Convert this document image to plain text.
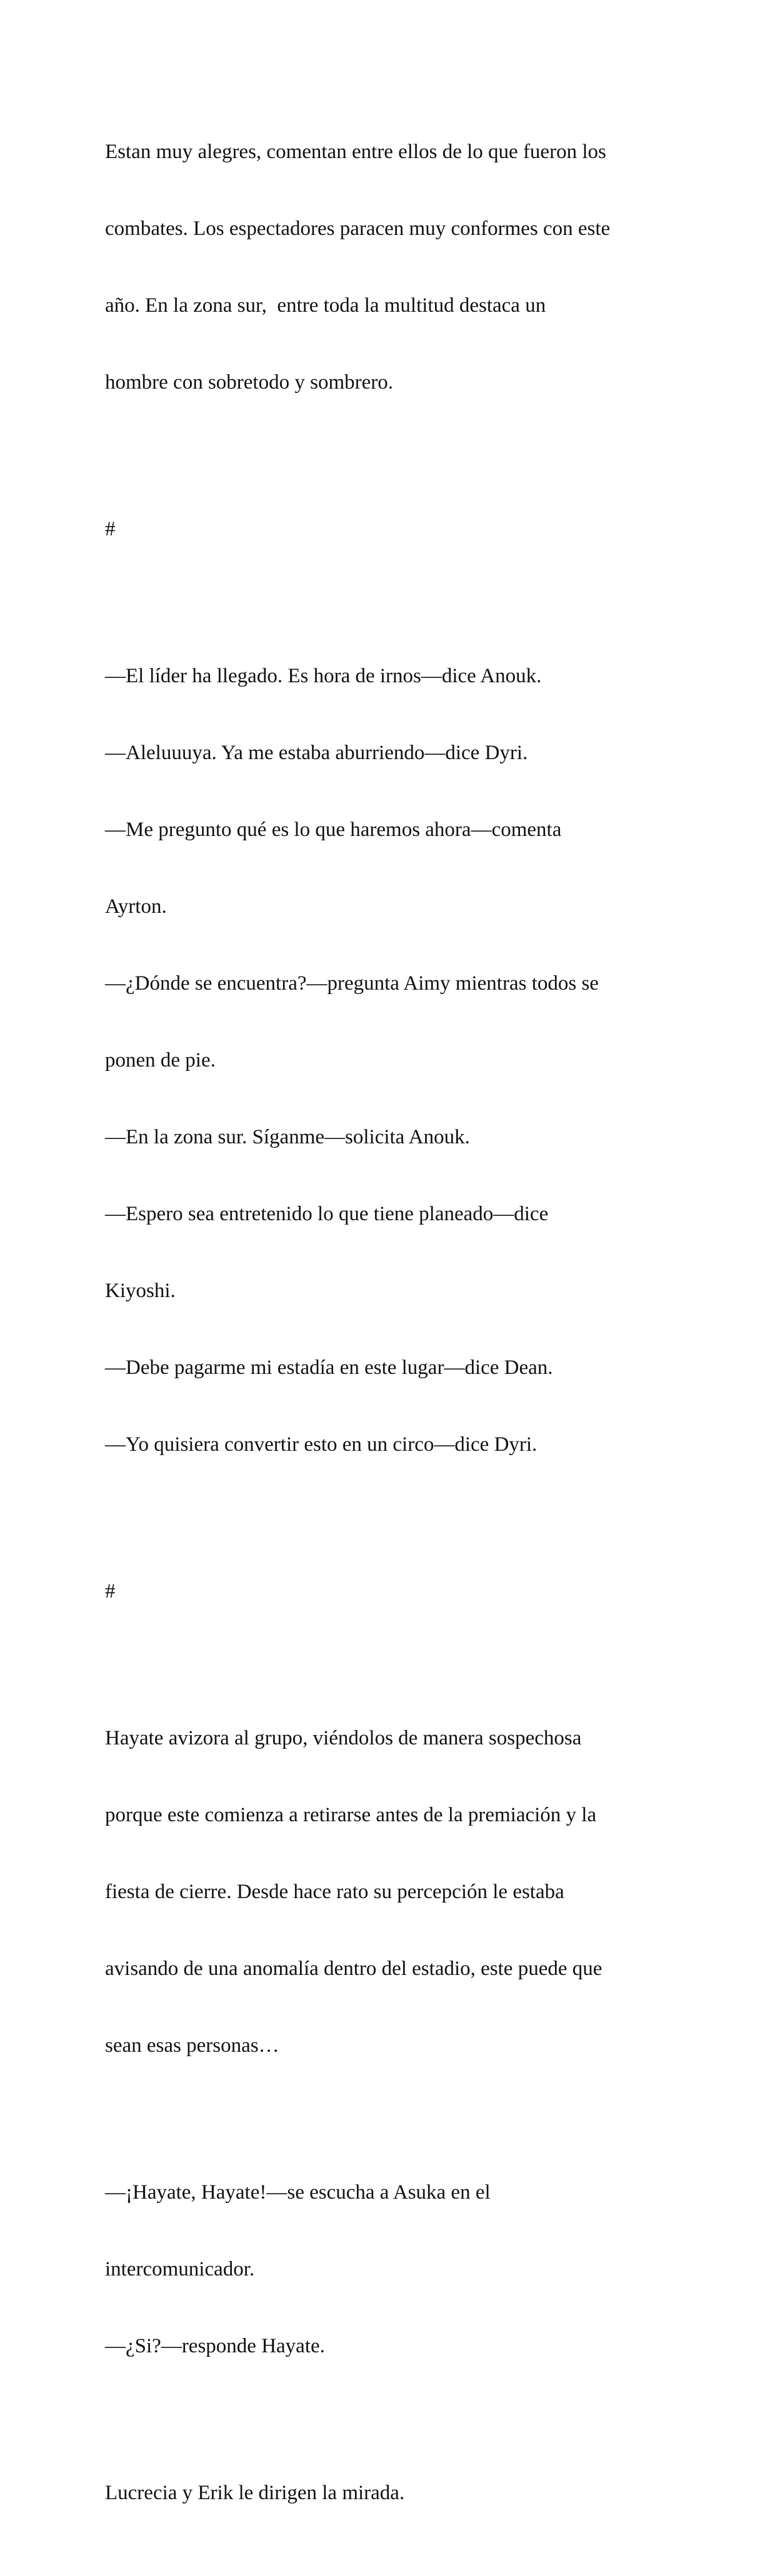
Estan muy alegres, comentan entre ellos de lo que fueron los

combates. Los espectadores paracen muy conformes con este

año. En la zona sur,  entre toda la multitud destaca un

hombre con sobretodo y sombrero.

#

—El líder ha llegado. Es hora de irnos—dice Anouk.

—Aleluuuya. Ya me estaba aburriendo—dice Dyri.

—Me pregunto qué es lo que haremos ahora—comenta

Ayrton.

—¿Dónde se encuentra?—pregunta Aimy mientras todos se

ponen de pie.

—En la zona sur. Síganme—solicita Anouk.

—Espero sea entretenido lo que tiene planeado—dice

Kiyoshi.

—Debe pagarme mi estadía en este lugar—dice Dean.

—Yo quisiera convertir esto en un circo—dice Dyri.

#

Hayate avizora al grupo, viéndolos de manera sospechosa

porque este comienza a retirarse antes de la premiación y la

fiesta de cierre. Desde hace rato su percepción le estaba

avisando de una anomalía dentro del estadio, este puede que

sean esas personas…

—¡Hayate, Hayate!—se escucha a Asuka en el

intercomunicador.

—¿Si?—responde Hayate.

Lucrecia y Erik le dirigen la mirada.
